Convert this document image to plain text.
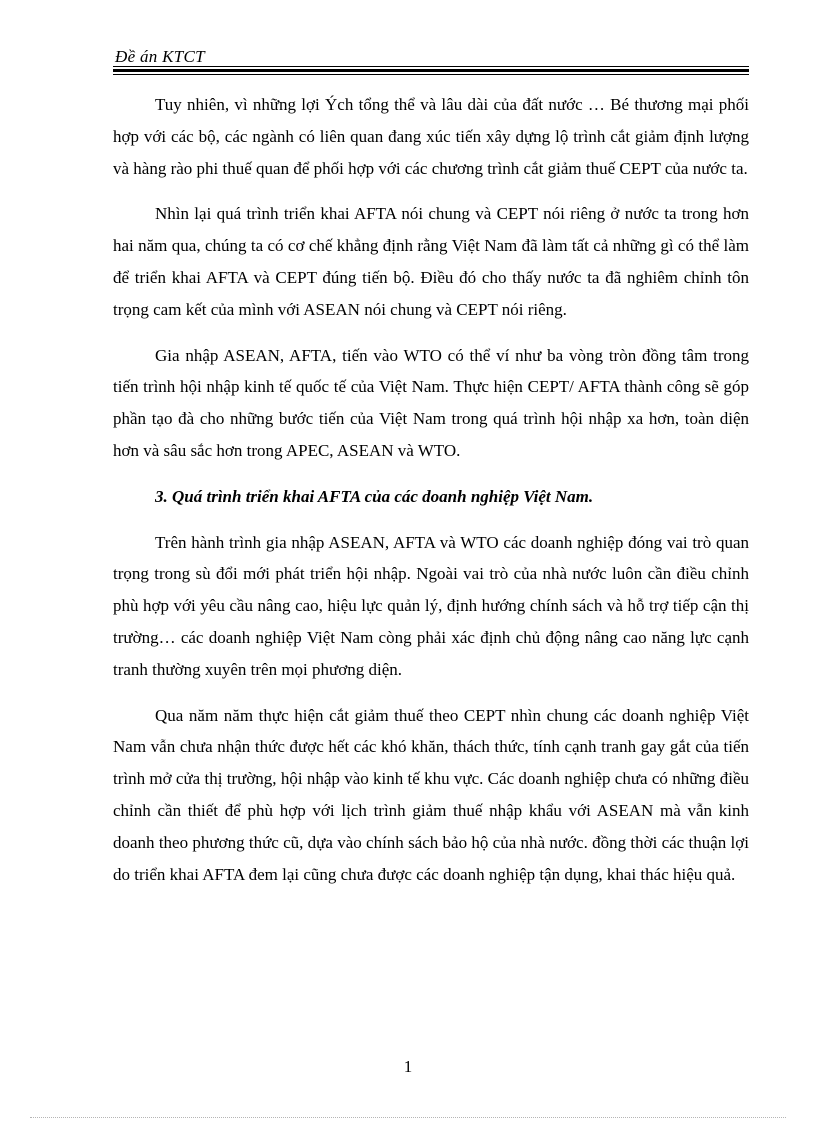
Đề án KTCT

Tuy nhiên, vì những lợi Ých tổng thể và lâu dài của đất nước … Bé thương mại phối hợp với các bộ, các ngành có liên quan đang xúc tiến xây dựng lộ trình cắt giảm định lượng và hàng rào phi thuế quan để phối hợp với các chương trình cắt giảm thuế CEPT của nước ta.

Nhìn lại quá trình triển khai AFTA nói chung và CEPT nói riêng ở nước ta trong hơn hai năm qua, chúng ta có cơ chế khẳng định rằng Việt Nam đã làm tất cả những gì có thể làm để triển khai AFTA và CEPT đúng tiến bộ. Điều đó cho thấy nước ta đã nghiêm chỉnh tôn trọng cam kết của mình với ASEAN nói chung và CEPT nói riêng.

Gia nhập ASEAN, AFTA, tiến vào WTO có thể ví như ba vòng tròn đồng tâm trong tiến trình hội nhập kinh tế quốc tế của Việt Nam. Thực hiện CEPT/ AFTA thành công sẽ góp phần tạo đà cho những bước tiến của Việt Nam trong quá trình hội nhập xa hơn, toàn diện hơn và sâu sắc hơn trong APEC, ASEAN và WTO.

3. Quá trình triển khai AFTA của các doanh nghiệp Việt Nam.

Trên hành trình gia nhập ASEAN, AFTA và WTO các doanh nghiệp đóng vai trò quan trọng trong sù đổi mới phát triển hội nhập. Ngoài vai trò của nhà nước luôn cần điều chỉnh phù hợp với yêu cầu nâng cao, hiệu lực quản lý, định hướng chính sách và hỗ trợ tiếp cận thị trường… các doanh nghiệp Việt Nam còng phải xác định chủ động nâng cao năng lực cạnh tranh thường xuyên trên mọi phương diện.

Qua năm năm thực hiện cắt giảm thuế theo CEPT nhìn chung các doanh nghiệp Việt Nam vẫn chưa nhận thức được hết các khó khăn, thách thức, tính cạnh tranh gay gắt của tiến trình mở cửa thị trường, hội nhập vào kinh tế khu vực. Các doanh nghiệp chưa có những điều chỉnh cần thiết để phù hợp với lịch trình giảm thuế nhập khẩu với ASEAN mà vẫn kinh doanh theo phương thức cũ, dựa vào chính sách bảo hộ của nhà nước. đồng thời các thuận lợi do triển khai AFTA đem lại cũng chưa được các doanh nghiệp tận dụng, khai thác hiệu quả.

1
